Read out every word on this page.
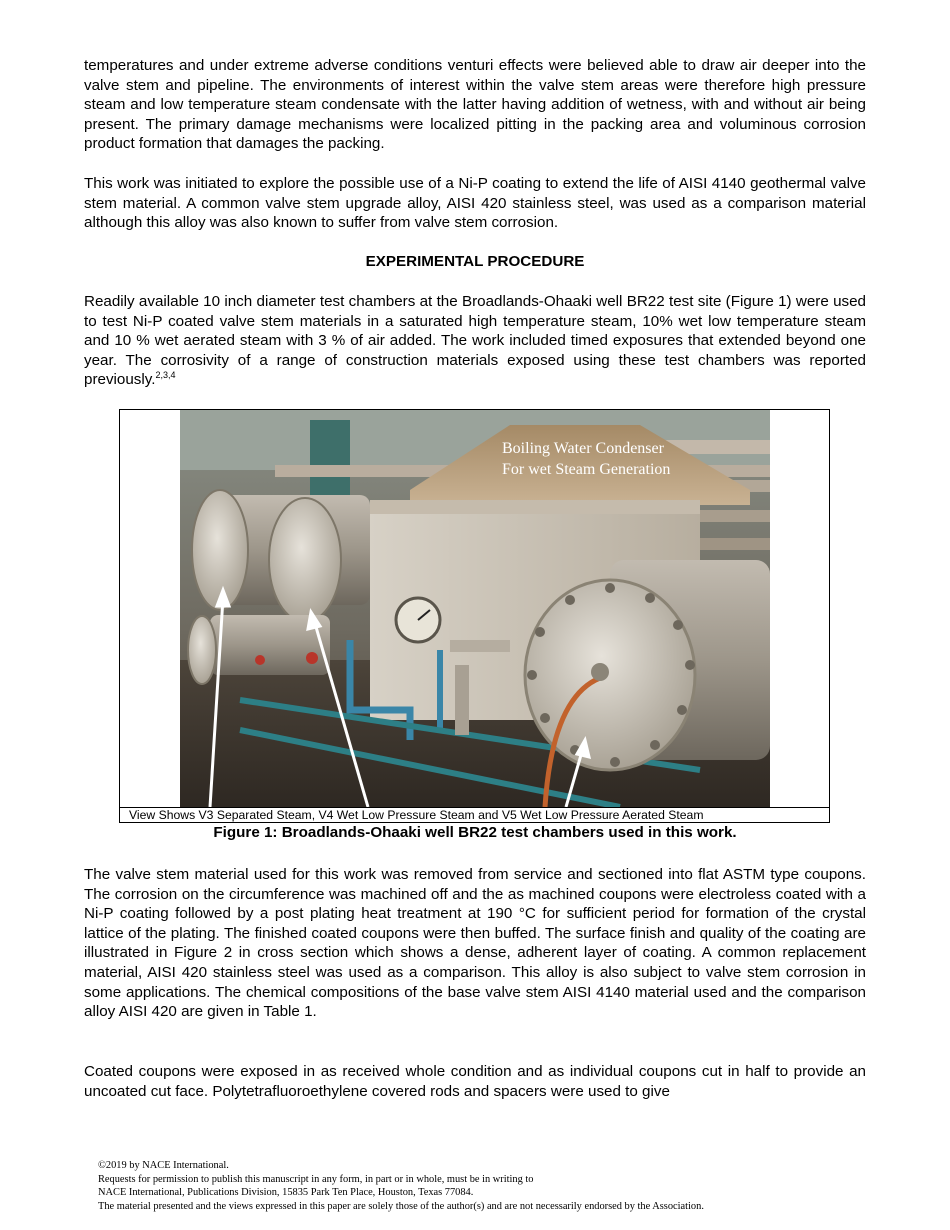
temperatures and under extreme adverse conditions venturi effects were believed able to draw air deeper into the valve stem and pipeline. The environments of interest within the valve stem areas were therefore high pressure steam and low temperature steam condensate with the latter having addition of wetness, with and without air being present. The primary damage mechanisms were localized pitting in the packing area and voluminous corrosion product formation that damages the packing.

This work was initiated to explore the possible use of a Ni-P coating to extend the life of AISI 4140 geothermal valve stem material. A common valve stem upgrade alloy, AISI 420 stainless steel, was used as a comparison material although this alloy was also known to suffer from valve stem corrosion.

EXPERIMENTAL PROCEDURE

Readily available 10 inch diameter test chambers at the Broadlands-Ohaaki well BR22 test site (Figure 1) were used to test Ni-P coated valve stem materials in a saturated high temperature steam, 10% wet low temperature steam and 10 % wet aerated steam with 3 % of air added. The work included timed exposures that extended beyond one year. The corrosivity of a range of construction materials exposed using these test chambers was reported previously.$^{2,3,4}$

Boiling Water Condenser
For wet Steam Generation
View Shows V3 Separated Steam, V4 Wet Low Pressure Steam and V5 Wet Low Pressure Aerated Steam

Figure 1: Broadlands-Ohaaki well BR22 test chambers used in this work.

The valve stem material used for this work was removed from service and sectioned into flat ASTM type coupons. The corrosion on the circumference was machined off and the as machined coupons were electroless coated with a Ni-P coating followed by a post plating heat treatment at 190 °C for sufficient period for formation of the crystal lattice of the plating. The finished coated coupons were then buffed. The surface finish and quality of the coating are illustrated in Figure 2 in cross section which shows a dense, adherent layer of coating. A common replacement material, AISI 420 stainless steel was used as a comparison. This alloy is also subject to valve stem corrosion in some applications. The chemical compositions of the base valve stem AISI 4140 material used and the comparison alloy AISI 420 are given in Table 1.

Coated coupons were exposed in as received whole condition and as individual coupons cut in half to provide an uncoated cut face. Polytetrafluoroethylene covered rods and spacers were used to give

©2019 by NACE International.
Requests for permission to publish this manuscript in any form, in part or in whole, must be in writing to
NACE International, Publications Division, 15835 Park Ten Place, Houston, Texas 77084.
The material presented and the views expressed in this paper are solely those of the author(s) and are not necessarily endorsed by the Association.
